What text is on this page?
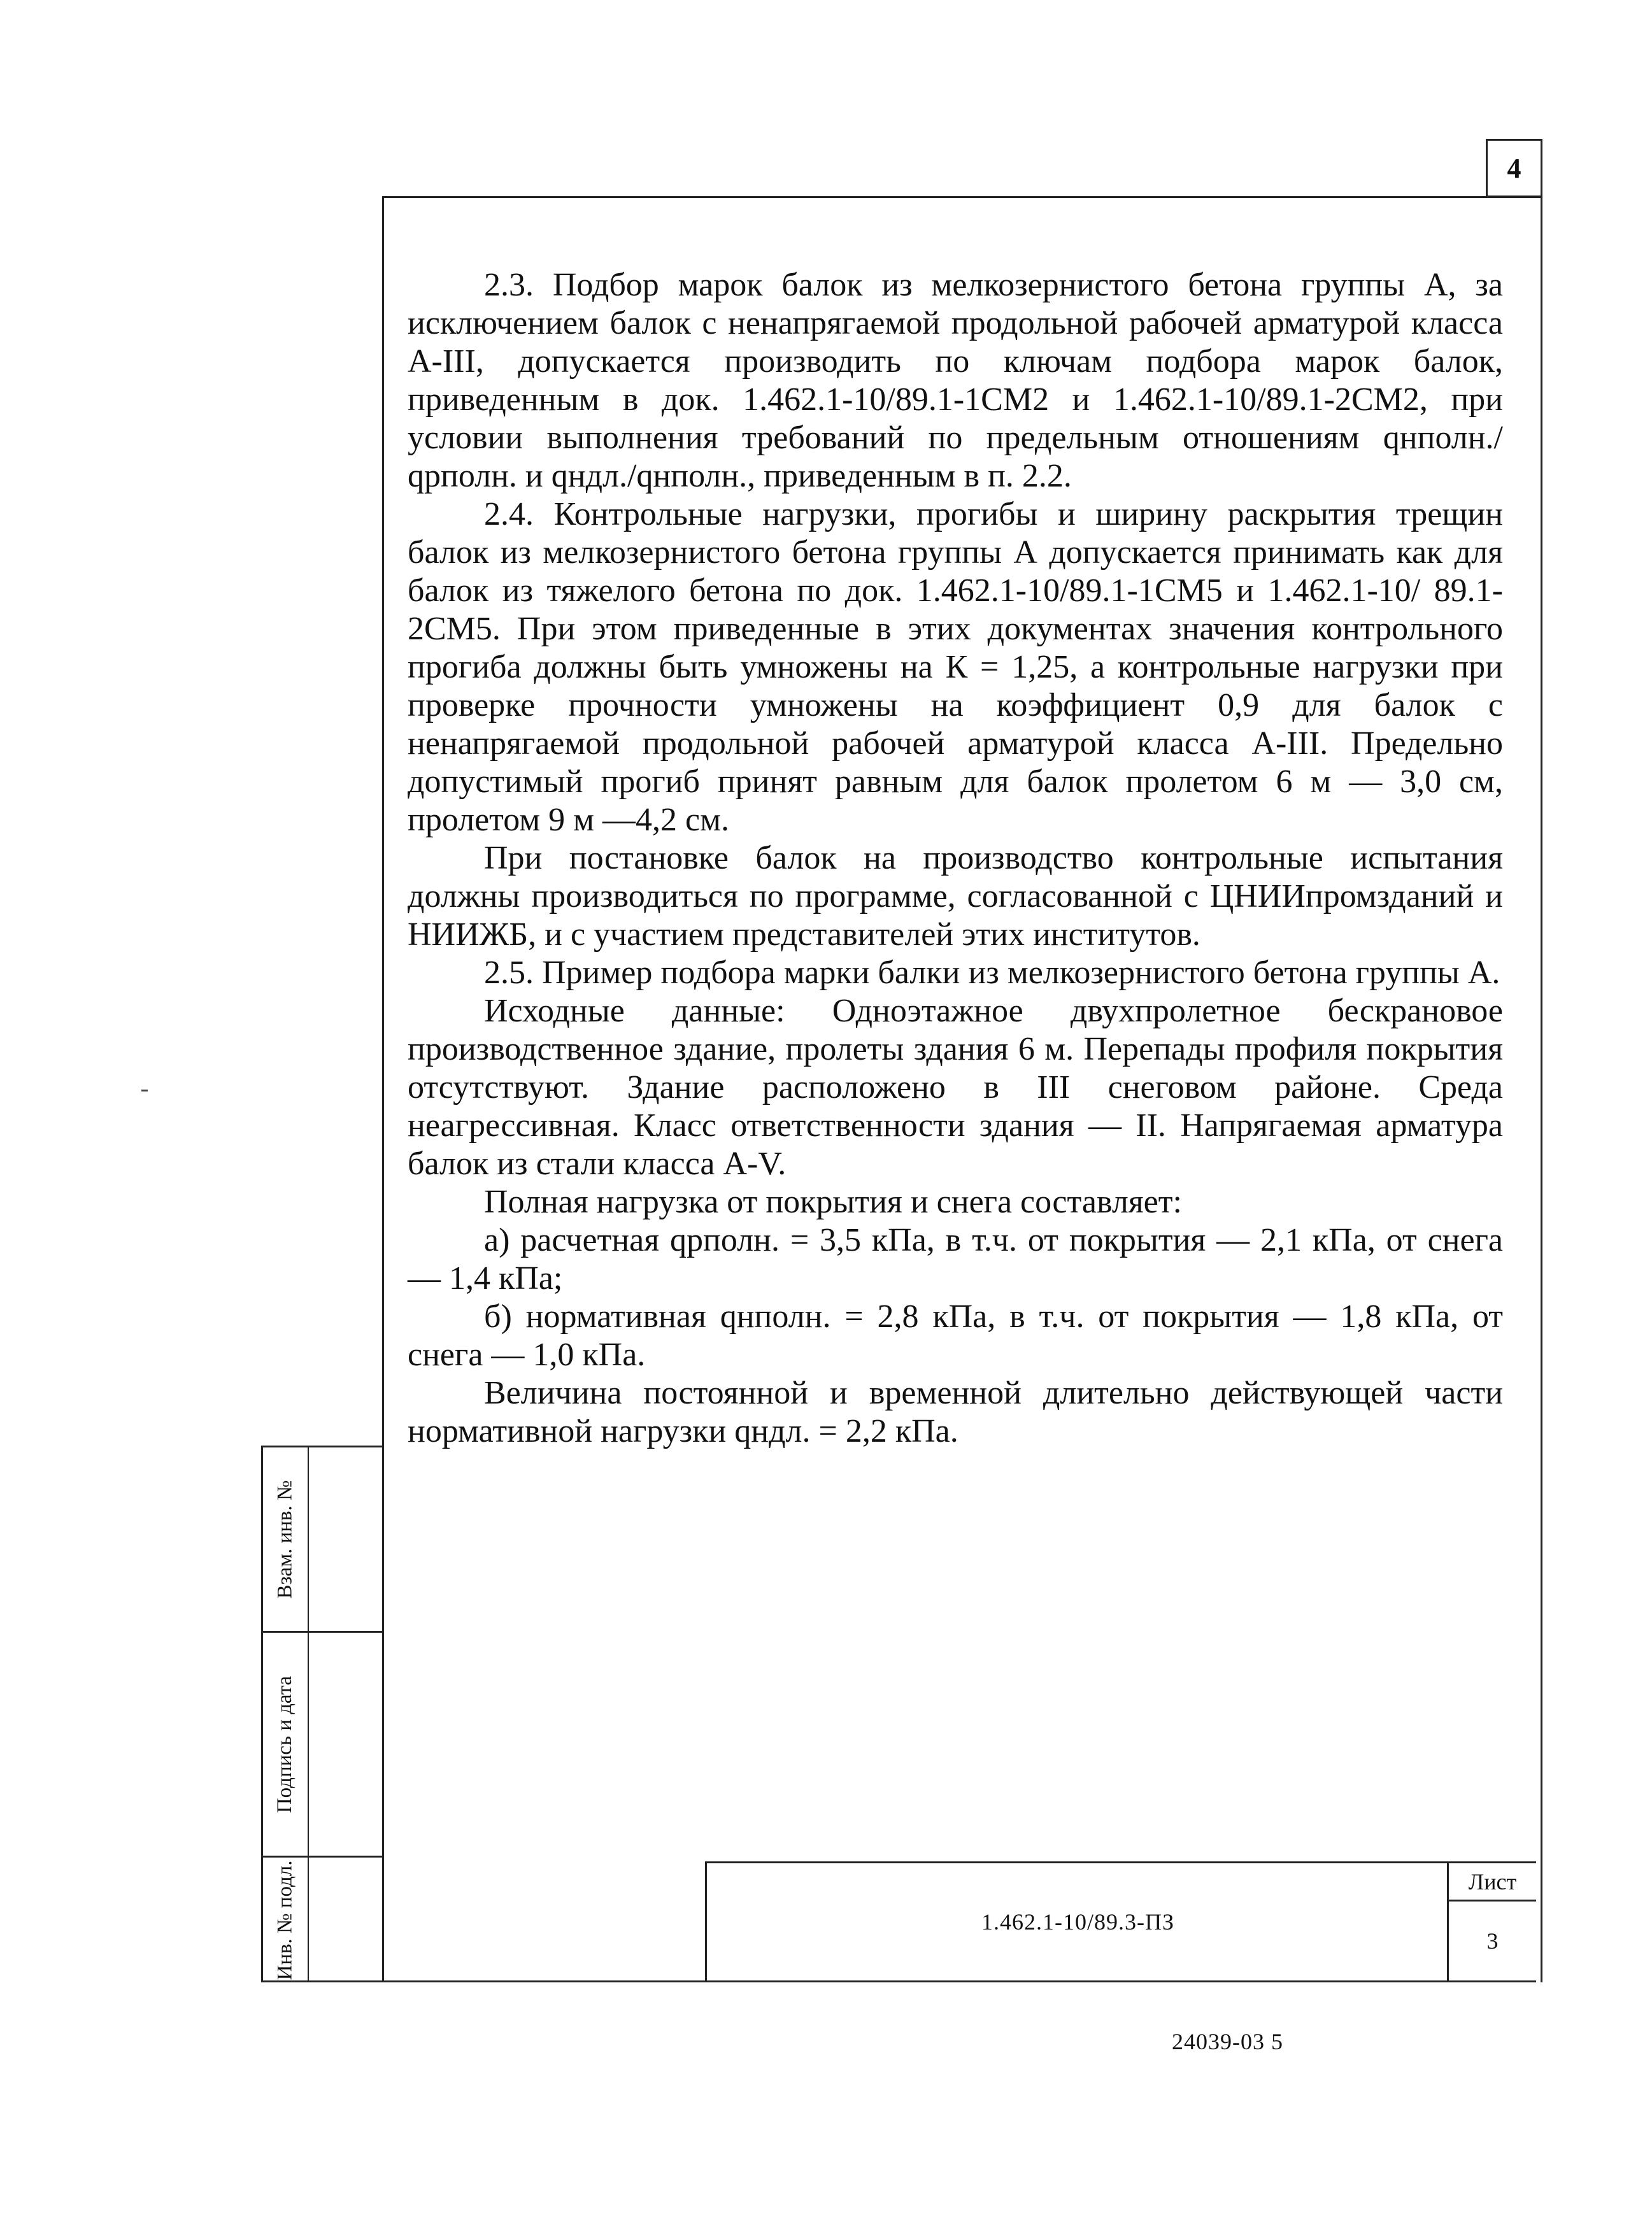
4

2.3. Подбор марок балок из мелкозернистого бетона группы А, за исключением балок с ненапрягаемой продольной рабочей арматурой класса А-III, допускается производить по ключам подбора марок балок, приведенным в док. 1.462.1-10/89.1-1СМ2 и 1.462.1-10/89.1-2СМ2, при условии выполнения требований по предельным отношениям qнполн./ qрполн. и qндл./qнполн., приведенным в п. 2.2.

2.4. Контрольные нагрузки, прогибы и ширину раскрытия трещин балок из мелкозернистого бетона группы А допускается принимать как для балок из тяжелого бетона по док. 1.462.1-10/89.1-1СМ5 и 1.462.1-10/ 89.1-2СМ5. При этом приведенные в этих документах значения контрольного прогиба должны быть умножены на К = 1,25, а контрольные нагрузки при проверке прочности умножены на коэффициент 0,9 для балок с ненапрягаемой продольной рабочей арматурой класса А-III. Предельно допустимый прогиб принят равным для балок пролетом 6 м — 3,0 см, пролетом 9 м —4,2 см.

При постановке балок на производство контрольные испытания должны производиться по программе, согласованной с ЦНИИпромзданий и НИИЖБ, и с участием представителей этих институтов.

2.5. Пример подбора марки балки из мелкозернистого бетона группы А.

Исходные данные: Одноэтажное двухпролетное бескрановое производственное здание, пролеты здания 6 м. Перепады профиля покрытия отсутствуют. Здание расположено в III снеговом районе. Среда неагрессивная. Класс ответственности здания — II. Напрягаемая арматура балок из стали класса А-V.

Полная нагрузка от покрытия и снега составляет:

а) расчетная qрполн. = 3,5 кПа, в т.ч. от покрытия — 2,1 кПа, от снега — 1,4 кПа;

б) нормативная qнполн. = 2,8 кПа, в т.ч. от покрытия — 1,8 кПа, от снега — 1,0 кПа.

Величина постоянной и временной длительно действующей части нормативной нагрузки qндл. = 2,2 кПа.

Взам. инв. №
Подпись и дата
Инв. № подл.	1.462.1-10/89.3-ПЗ
Лист
3
24039-03 5
